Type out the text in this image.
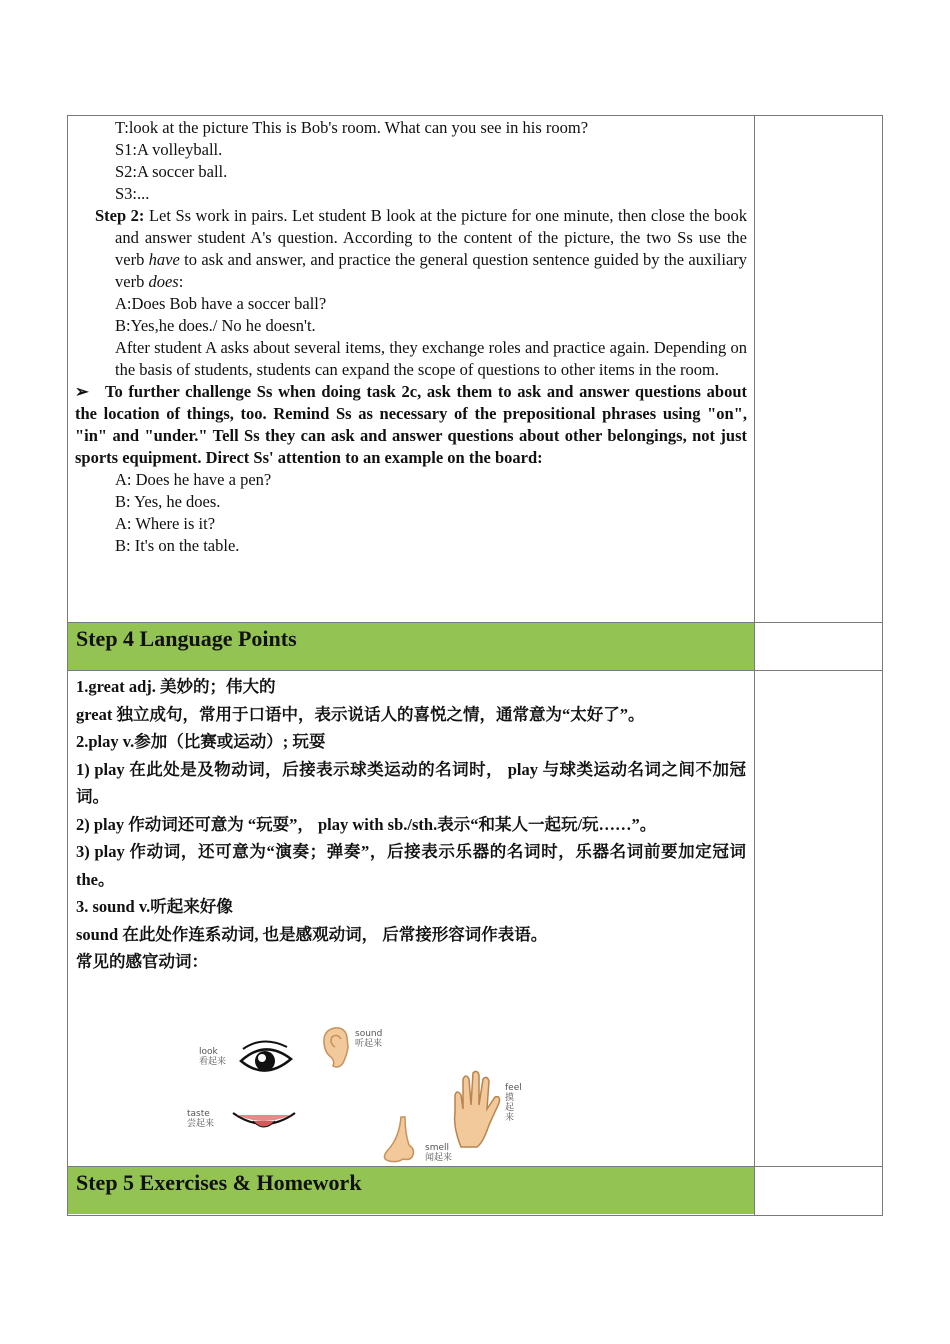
T:look at the picture This is Bob's room. What can you see in his room?
S1:A volleyball.
S2:A soccer ball.
S3:...
Step 2: Let Ss work in pairs. Let student B look at the picture for one minute, then close the book and answer student A's question. According to the content of the picture, the two Ss use the verb have to ask and answer, and practice the general question sentence guided by the auxiliary verb does:
A:Does Bob have a soccer ball?
B:Yes,he does./ No he doesn't.
After student A asks about several items, they exchange roles and practice again. Depending on the basis of students, students can expand the scope of questions to other items in the room.
➢ To further challenge Ss when doing task 2c, ask them to ask and answer questions about the location of things, too. Remind Ss as necessary of the prepositional phrases using "on", "in" and "under." Tell Ss they can ask and answer questions about other belongings, not just sports equipment. Direct Ss' attention to an example on the board:
A: Does he have a pen?
B: Yes, he does.
A: Where is it?
B: It's on the table.
Step 4 Language Points

1.great adj. 美妙的；伟大的

great 独立成句，常用于口语中，表示说话人的喜悦之情，通常意为“太好了”。

2.play v.参加（比赛或运动）; 玩耍

1) play 在此处是及物动词，后接表示球类运动的名词时， play 与球类运动名词之间不加冠词。

2) play 作动词还可意为 “玩耍”， play with sb./sth.表示“和某人一起玩/玩……”。

3) play 作动词，还可意为“演奏；弹奏”，后接表示乐器的名词时，乐器名词前要加定冠词 the。

3. sound v.听起来好像

sound 在此处作连系动词, 也是感观动词， 后常接形容词作表语。

常见的感官动词：

look
看起来
sound
听起来
feel
摸起来
taste
尝起来
smell
闻起来
Step 5 Exercises & Homework
